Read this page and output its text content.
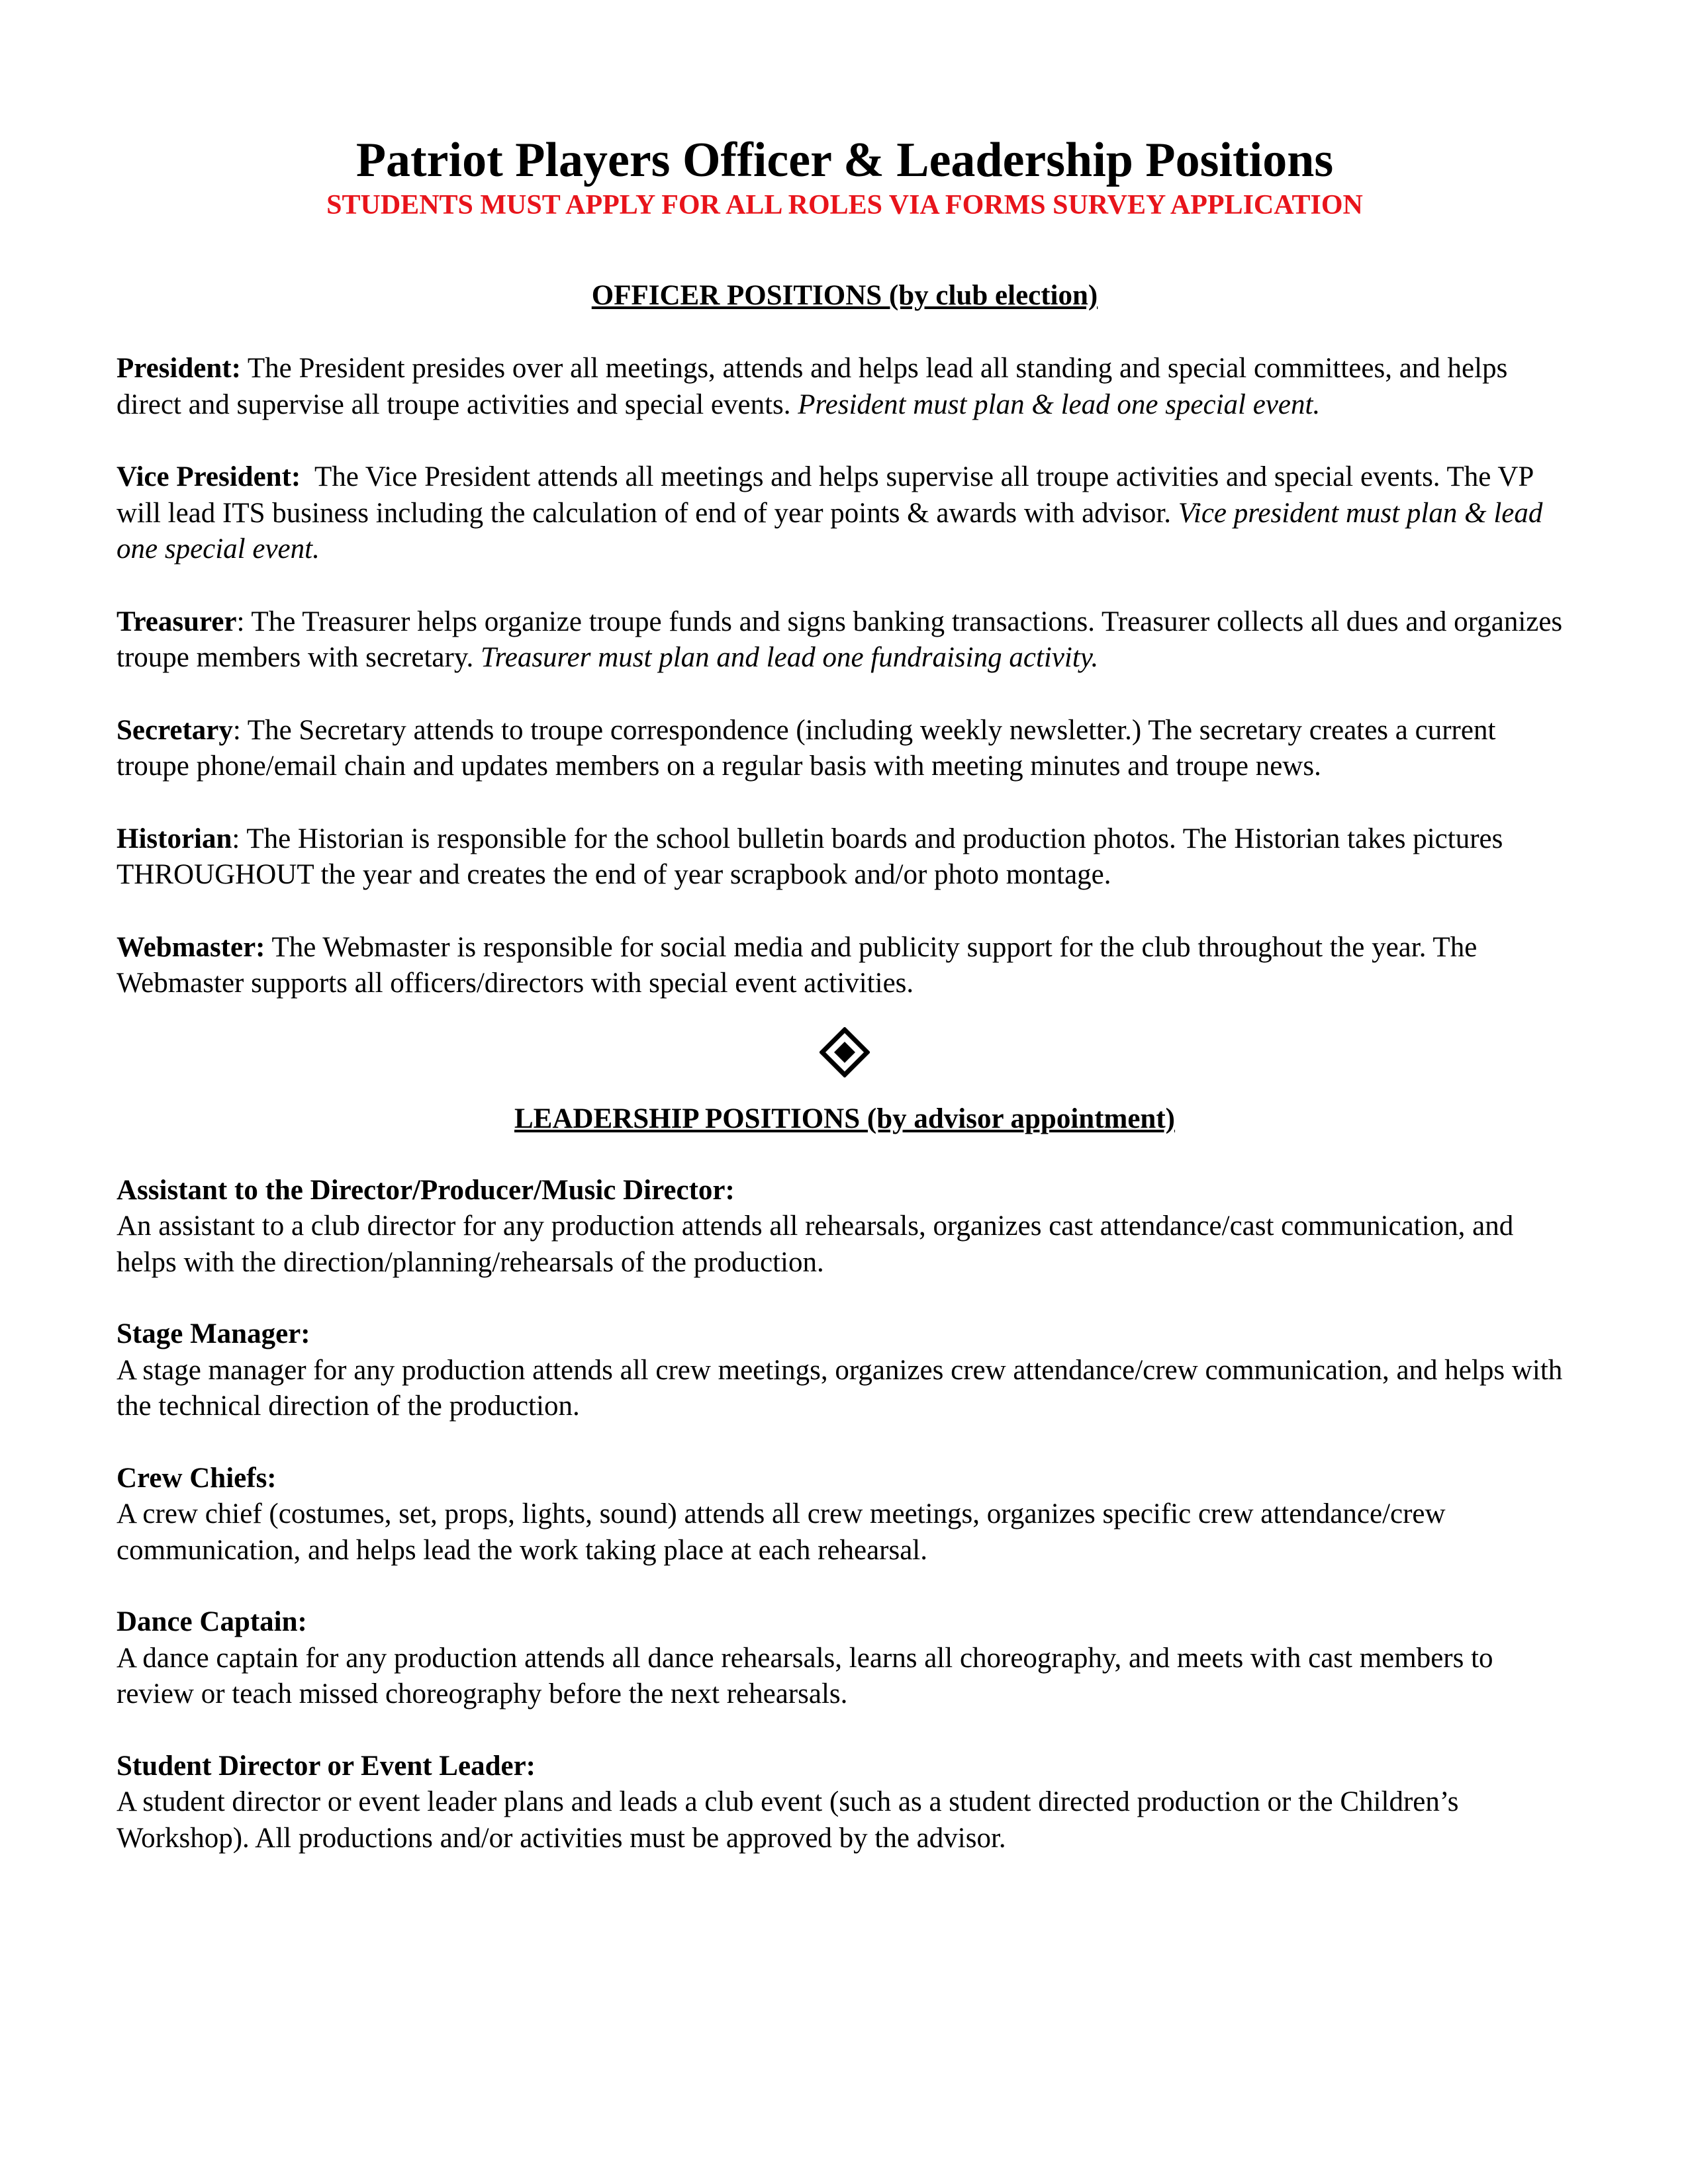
Patriot Players Officer & Leadership Positions

STUDENTS MUST APPLY FOR ALL ROLES VIA FORMS SURVEY APPLICATION

OFFICER POSITIONS (by club election)

President: The President presides over all meetings, attends and helps lead all standing and special committees, and helps direct and supervise all troupe activities and special events. President must plan & lead one special event.

Vice President:  The Vice President attends all meetings and helps supervise all troupe activities and special events. The VP will lead ITS business including the calculation of end of year points & awards with advisor. Vice president must plan & lead one special event.

Treasurer: The Treasurer helps organize troupe funds and signs banking transactions. Treasurer collects all dues and organizes troupe members with secretary. Treasurer must plan and lead one fundraising activity.

Secretary: The Secretary attends to troupe correspondence (including weekly newsletter.) The secretary creates a current troupe phone/email chain and updates members on a regular basis with meeting minutes and troupe news.

Historian: The Historian is responsible for the school bulletin boards and production photos. The Historian takes pictures THROUGHOUT the year and creates the end of year scrapbook and/or photo montage.

Webmaster: The Webmaster is responsible for social media and publicity support for the club throughout the year. The Webmaster supports all officers/directors with special event activities.

LEADERSHIP POSITIONS (by advisor appointment)

Assistant to the Director/Producer/Music Director:
An assistant to a club director for any production attends all rehearsals, organizes cast attendance/cast communication, and helps with the direction/planning/rehearsals of the production.

Stage Manager:
A stage manager for any production attends all crew meetings, organizes crew attendance/crew communication, and helps with the technical direction of the production.

Crew Chiefs:
A crew chief (costumes, set, props, lights, sound) attends all crew meetings, organizes specific crew attendance/crew communication, and helps lead the work taking place at each rehearsal.

Dance Captain:
A dance captain for any production attends all dance rehearsals, learns all choreography, and meets with cast members to review or teach missed choreography before the next rehearsals.

Student Director or Event Leader:
A student director or event leader plans and leads a club event (such as a student directed production or the Children’s Workshop). All productions and/or activities must be approved by the advisor.
